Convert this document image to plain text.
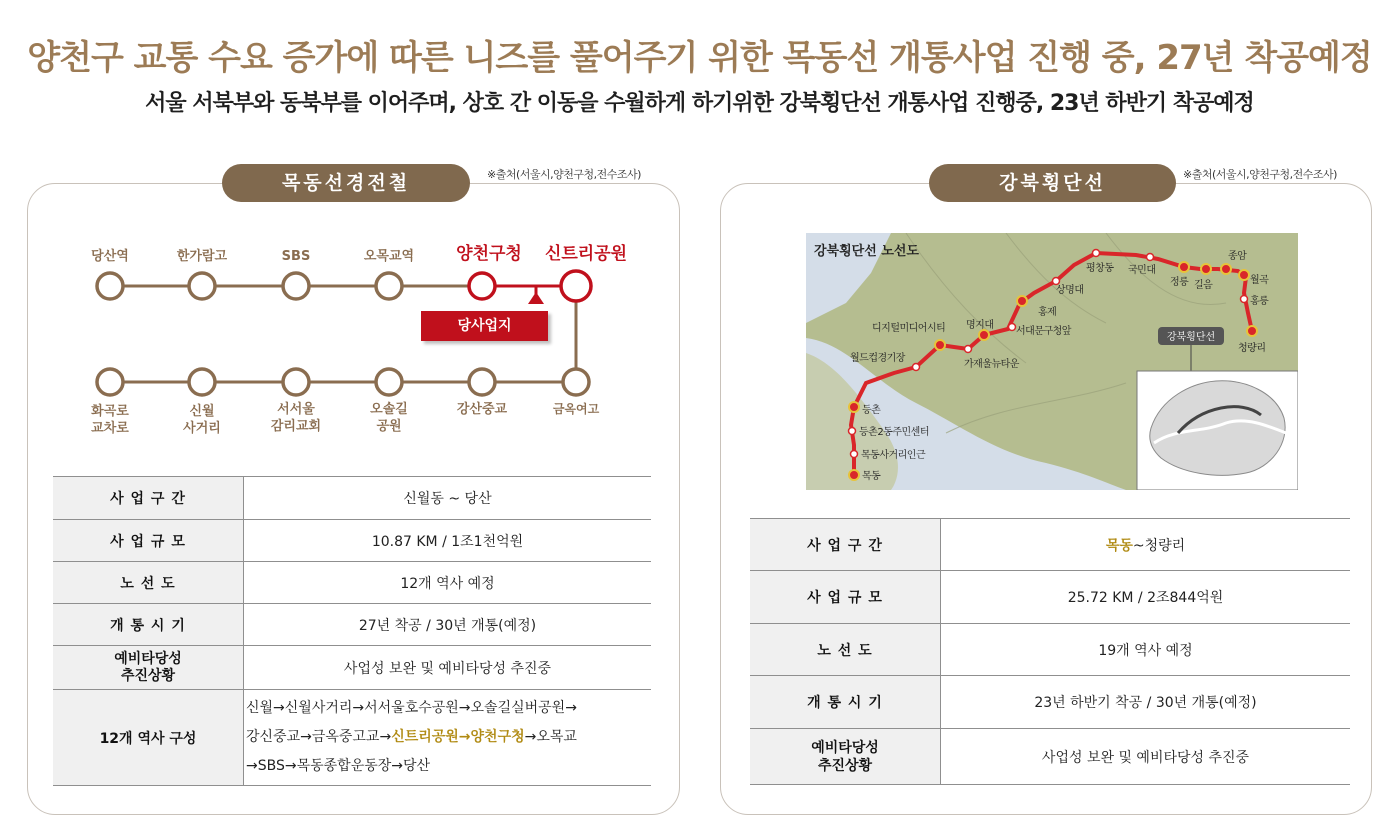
양천구 교통 수요 증가에 따른 니즈를 풀어주기 위한 목동선 개통사업 진행 중, 27년 착공예정
서울 서북부와 동북부를 이어주며, 상호 간 이동을 수월하게 하기위한 강북횡단선 개통사업 진행중, 23년 하반기 착공예정
목동선경전철	※출처(서울시,양천구청,전수조사)
당산역	한가람고	SBS	오목교역	양천구청	신트리공원
화곡로
교차로
신월
사거리
서서울
감리교회
오솔길
공원
강산중교	금옥여고
당사업지
사 업 구 간	신월동 ~ 당산
사 업 규 모	10.87 KM / 1조1천억원
노 선 도	12개 역사 예정
개 통 시 기	27년 착공 / 30년 개통(예정)
예비타당성
추진상황	사업성 보완 및 예비타당성 추진중
12개 역사 구성	신월→신월사거리→서서울호수공원→오솔길실버공원→
강신중교→금옥중고교→신트리공원→양천구청→오목교
→SBS→목동종합운동장→당산
강북횡단선	※출처(서울시,양천구청,전수조사)
강북횡단선 노선도
등촌
등촌2동주민센터
목동사거리인근
목동
월드컵경기장
디지털미디어시티
가재울뉴타운
명지대
서대문구청앞
홍제
상명대
평창동 국민대
정릉 길음
종암
월곡
홍릉
청량리
강북횡단선
사 업 구 간	목동~청량리
사 업 규 모	25.72 KM / 2조844억원
노 선 도	19개 역사 예정
개 통 시 기	23년 하반기 착공 / 30년 개통(예정)
예비타당성
추진상황	사업성 보완 및 예비타당성 추진중
